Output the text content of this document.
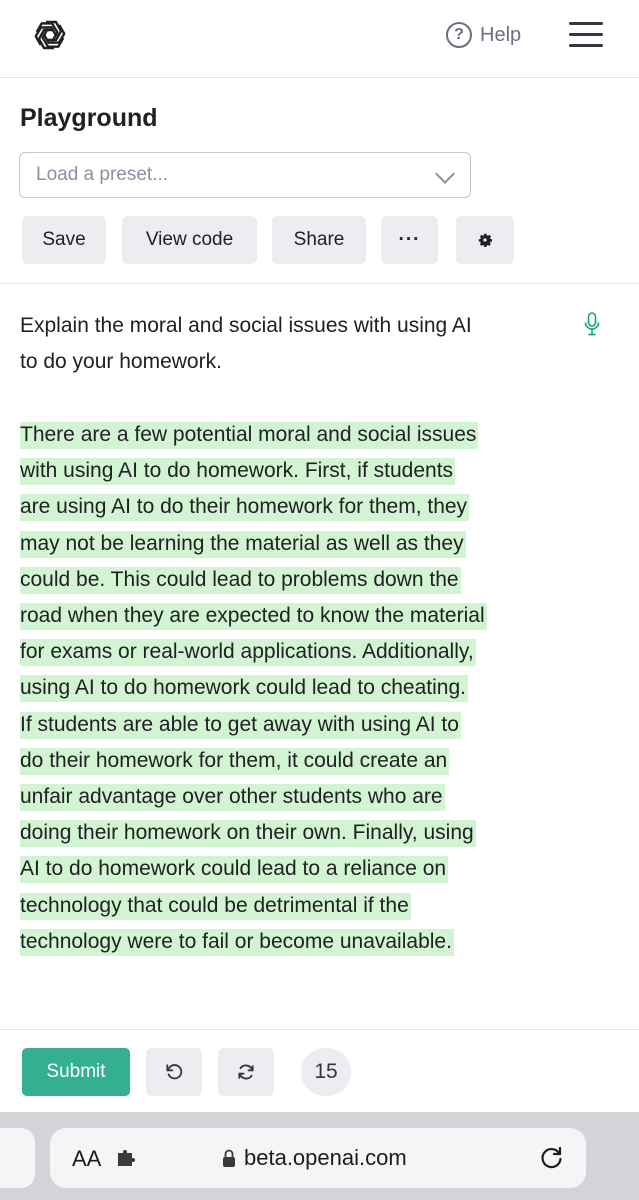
? Help
Playground
Load a preset...
Save	View code	Share	···
Explain the moral and social issues with using AI
to do your homework.
There are a few potential moral and social issues
with using AI to do homework. First, if students
are using AI to do their homework for them, they
may not be learning the material as well as they
could be. This could lead to problems down the
road when they are expected to know the material
for exams or real-world applications. Additionally,
using AI to do homework could lead to cheating.
If students are able to get away with using AI to
do their homework for them, it could create an
unfair advantage over other students who are
doing their homework on their own. Finally, using
AI to do homework could lead to a reliance on
technology that could be detrimental if the
technology were to fail or become unavailable.
Submit	15
AA	beta.openai.com
